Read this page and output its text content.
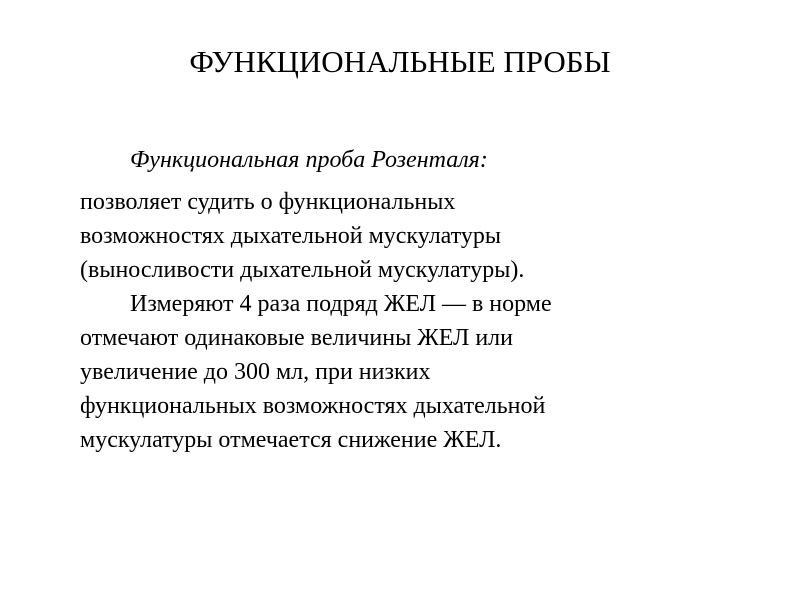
ФУНКЦИОНАЛЬНЫЕ ПРОБЫ
Функциональная проба Розенталя:
позволяет судить о функциональных
возможностях дыхательной мускулатуры
(выносливости дыхательной мускулатуры).
Измеряют 4 раза подряд ЖЕЛ — в норме
отмечают одинаковые величины ЖЕЛ или
увеличение до 300 мл, при низких
функциональных возможностях дыхательной
мускулатуры отмечается снижение ЖЕЛ.
